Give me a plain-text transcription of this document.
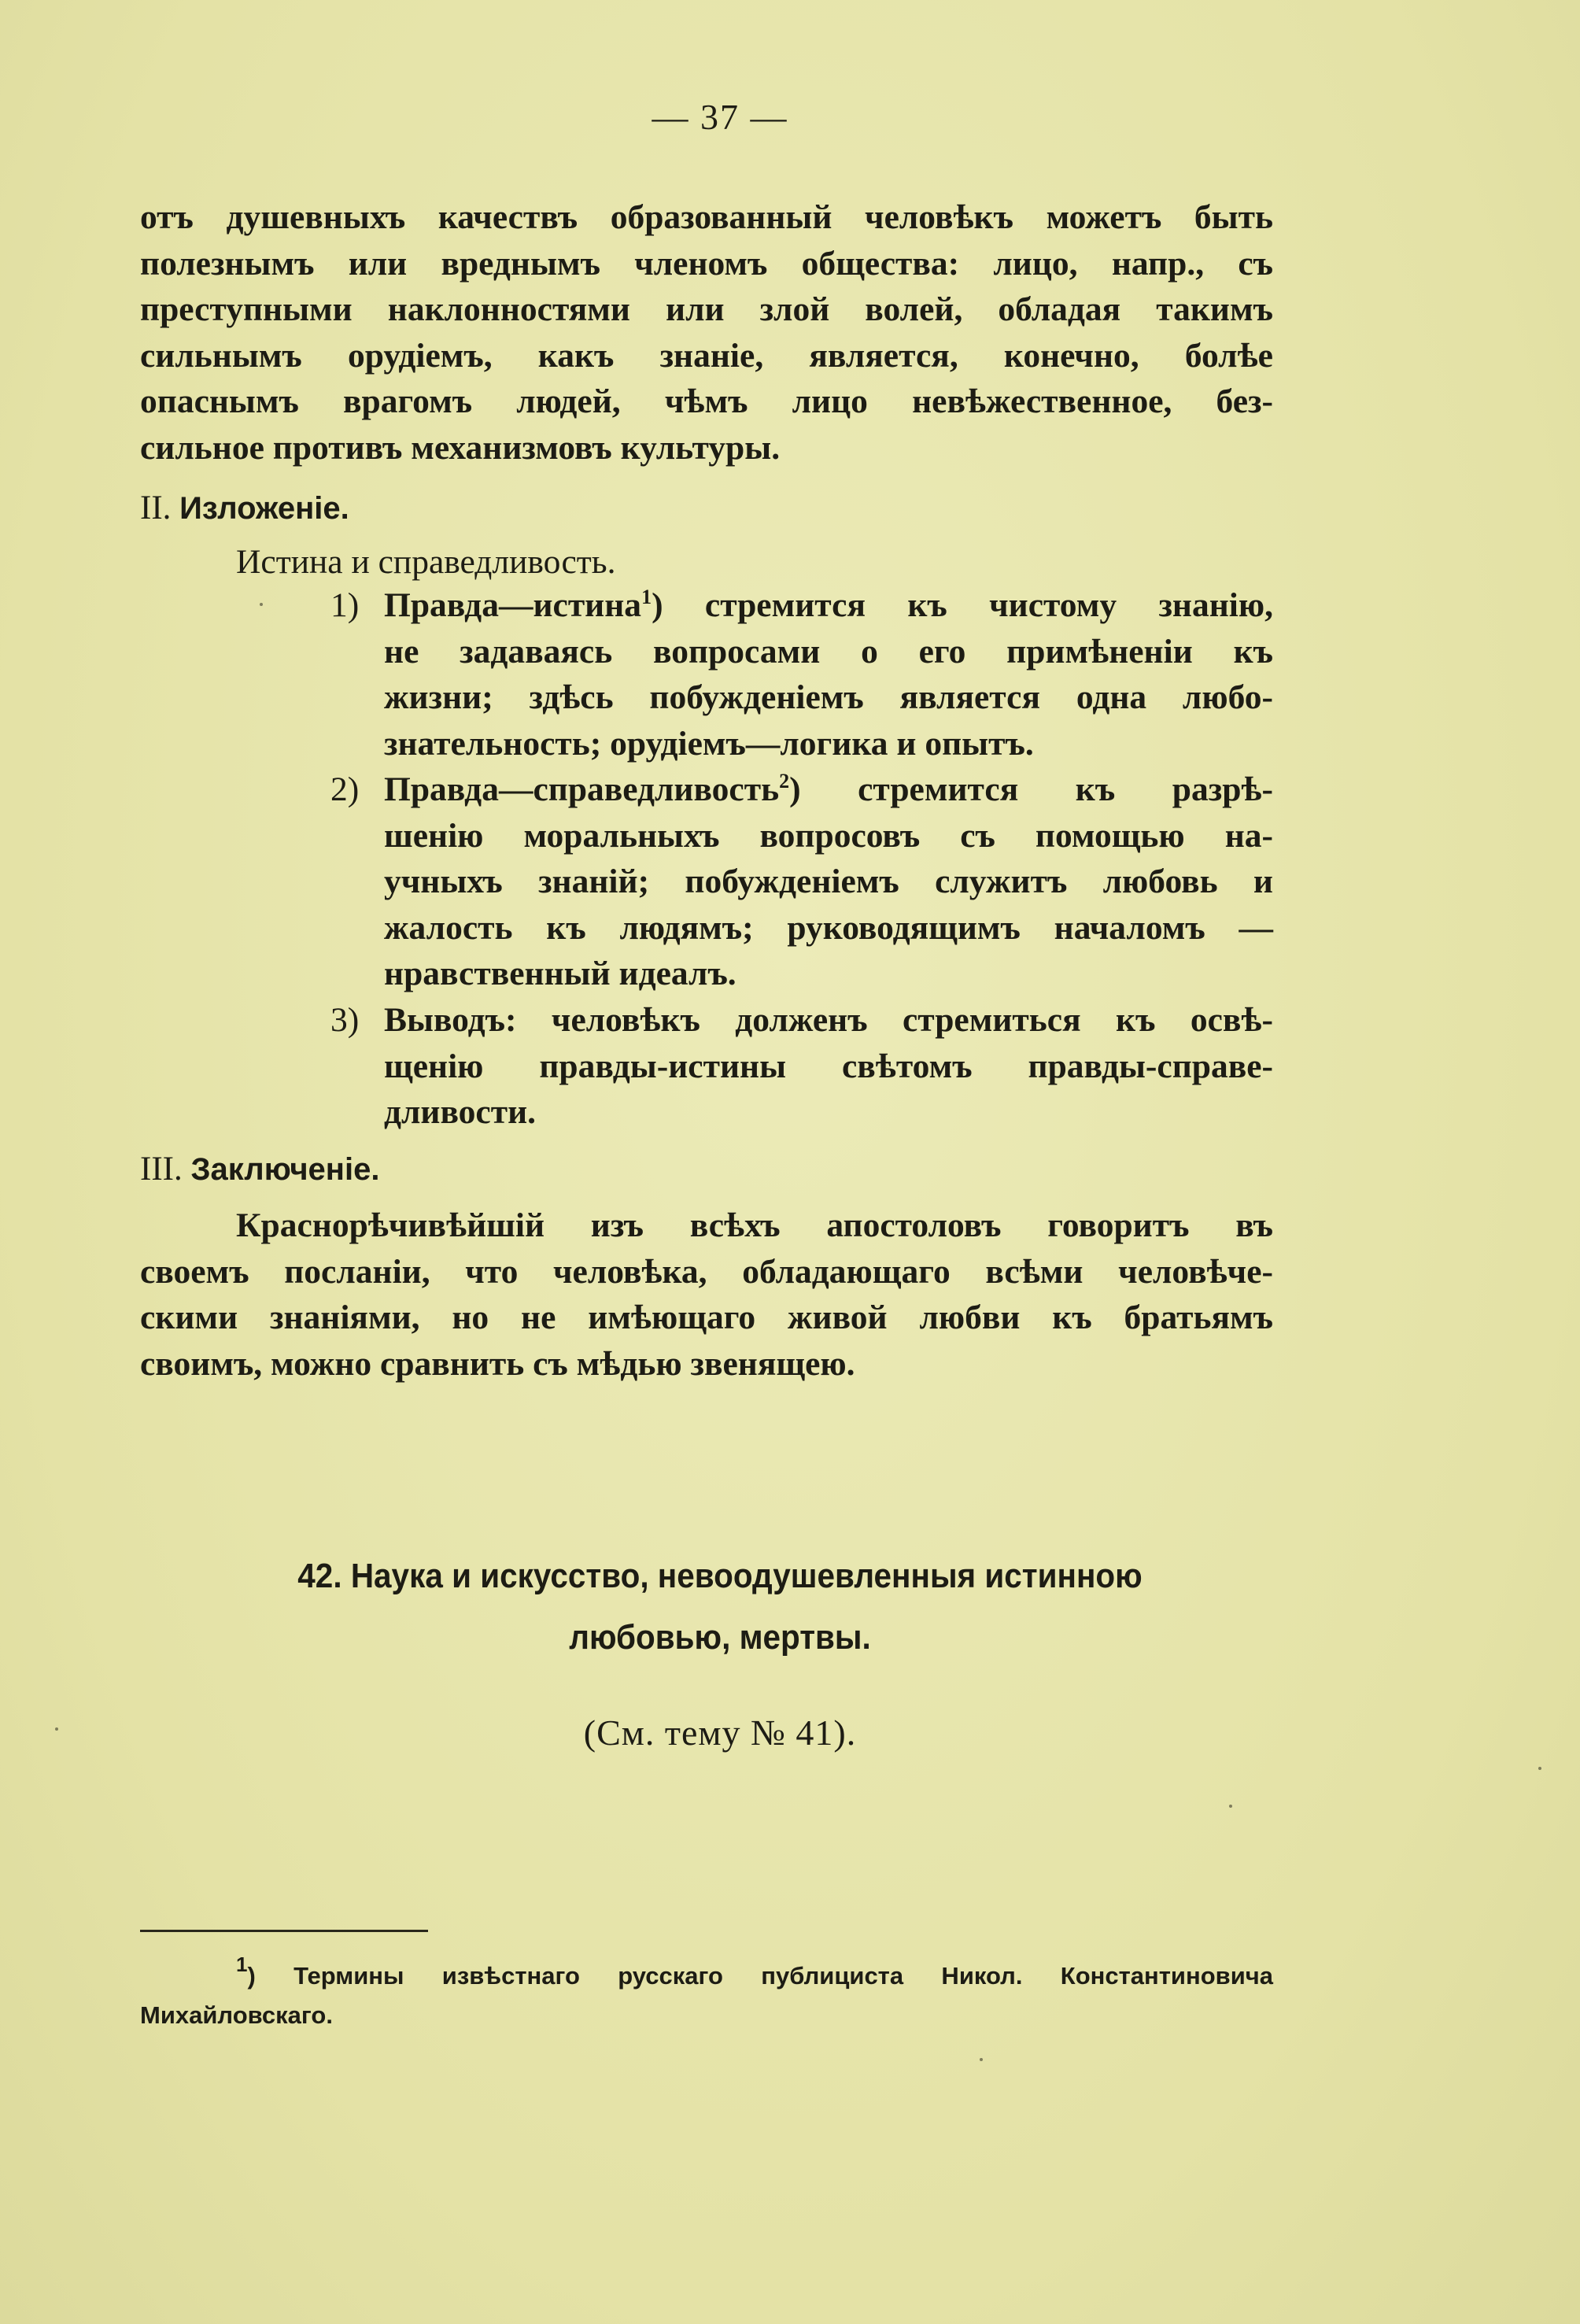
— 37 —
отъ душевныхъ качествъ образованный человѣкъ можетъ быть
полезнымъ или вреднымъ членомъ общества: лицо, напр., съ
преступными наклонностями или злой волей, обладая такимъ
сильнымъ орудіемъ, какъ знаніе, является, конечно, болѣе
опаснымъ врагомъ людей, чѣмъ лицо невѣжественное, без-
сильное противъ механизмовъ культуры.
II. Изложеніе.
Истина и справедливость.
1) Правда—истина$^1$) стремится къ чистому знанію,
не задаваясь вопросами о его примѣненіи къ
жизни; здѣсь побужденіемъ является одна любо-
знательность; орудіемъ—логика и опытъ.
2) Правда—справедливость$^2$) стремится къ разрѣ-
шенію моральныхъ вопросовъ съ помощью на-
учныхъ знаній; побужденіемъ служитъ любовь и
жалость къ людямъ; руководящимъ началомъ —
нравственный идеалъ.
3) Выводъ: человѣкъ долженъ стремиться къ освѣ-
щенію правды-истины свѣтомъ правды-справе-
дливости.
III. Заключеніе.
Краснорѣчивѣйшій изъ всѣхъ апостоловъ говоритъ въ
своемъ посланіи, что человѣка, обладающаго всѣми человѣче-
скими знаніями, но не имѣющаго живой любви къ братьямъ
своимъ, можно сравнить съ мѣдью звенящею.
42. Наука и искусство, невоодушевленныя истинною
любовью, мертвы.
(См. тему № 41).
$^1$) Термины извѣстнаго русскаго публициста Никол. Константиновича
Михайловскаго.
